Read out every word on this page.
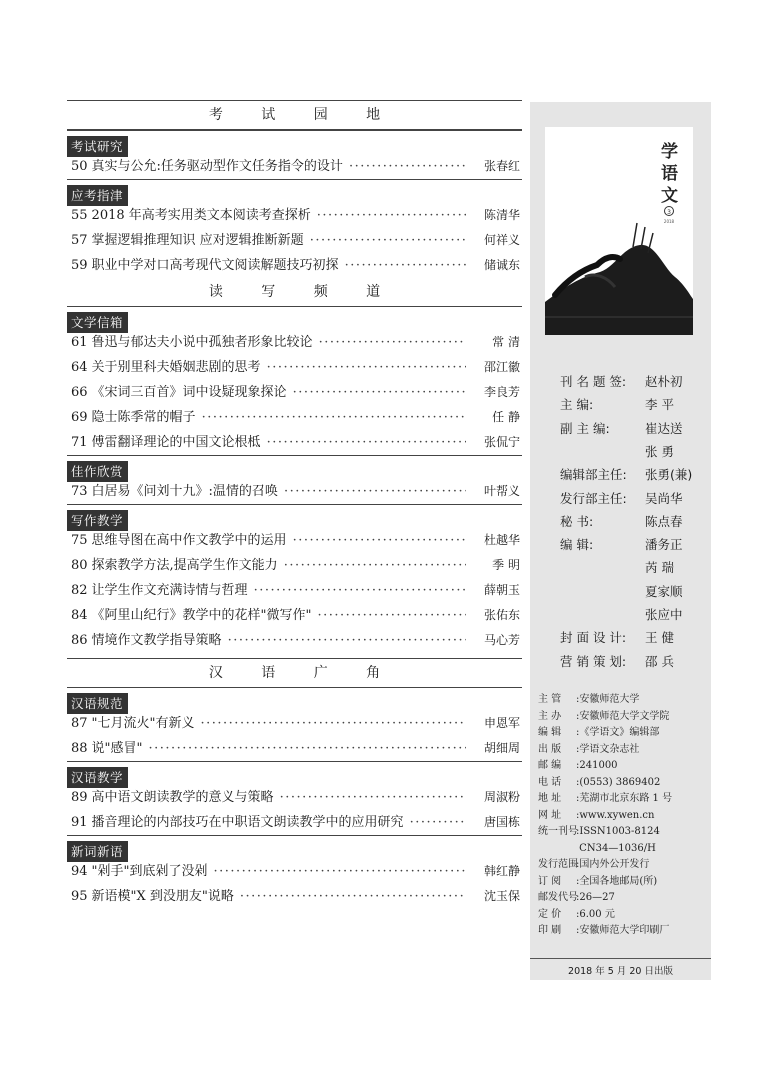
考 试 园 地
考试研究
50 真实与公允:任务驱动型作文任务指令的设计 ·····	张春红
应考指津
55 2018 年高考实用类文本阅读考查探析 ·····	陈清华
57 掌握逻辑推理知识 应对逻辑推断新题 ·····	何祥义
59 职业中学对口高考现代文阅读解题技巧初探 ·····	储诚东
读 写 频 道
文学信箱
61 鲁迅与郁达夫小说中孤独者形象比较论 ·····	常 清
64 关于别里科夫婚姻悲剧的思考 ·····	邵江徽
66 《宋词三百首》词中设疑现象探论 ·····	李良芳
69 隐士陈季常的帽子 ·····	任 静
71 傅雷翻译理论的中国文论根柢 ·····	张侃宁
佳作欣赏
73 白居易《问刘十九》:温情的召唤 ·····	叶帮义
写作教学
75 思维导图在高中作文教学中的运用 ·····	杜越华
80 探索教学方法,提高学生作文能力 ·····	季 明
82 让学生作文充满诗情与哲理 ·····	薛朝玉
84 《阿里山纪行》教学中的花样"微写作" ·····	张佑东
86 情境作文教学指导策略 ·····	马心芳
汉 语 广 角
汉语规范
87 "七月流火"有新义 ·····	申恩军
88 说"感冒" ·····	胡细周
汉语教学
89 高中语文朗读教学的意义与策略 ·····	周淑粉
91 播音理论的内部技巧在中职语文朗读教学中的应用研究 ·····	唐国栋
新词新语
94 "剁手"到底剁了没剁 ·····	韩红静
95 新语模"X 到没朋友"说略 ·····	沈玉保
学
语
文
3
2018
刊 名 题 签: 赵朴初
主 编:	李 平
副 主 编:	崔达送
张 勇
编辑部主任: 张勇(兼)
发行部主任: 吴尚华
秘 书:	陈点春
编 辑:	潘务正
芮 瑞
夏家顺
张应中
封 面 设 计: 王 健
营 销 策 划: 邵 兵
主 管 :安徽师范大学
主 办 :安徽师范大学文学院
编 辑 :《学语文》编辑部
出 版 :学语文杂志社
邮 编 :241000
电 话 :(0553) 3869402
地 址 :芜湖市北京东路 1 号
网 址 :www.xywen.cn
统一刊号:ISSN1003-8124
CN34—1036/H
发行范围:国内外公开发行
订 阅 :全国各地邮局(所)
邮发代号:26—27
定 价 :6.00 元
印 刷 :安徽师范大学印刷厂
2018 年 5 月 20 日出版
